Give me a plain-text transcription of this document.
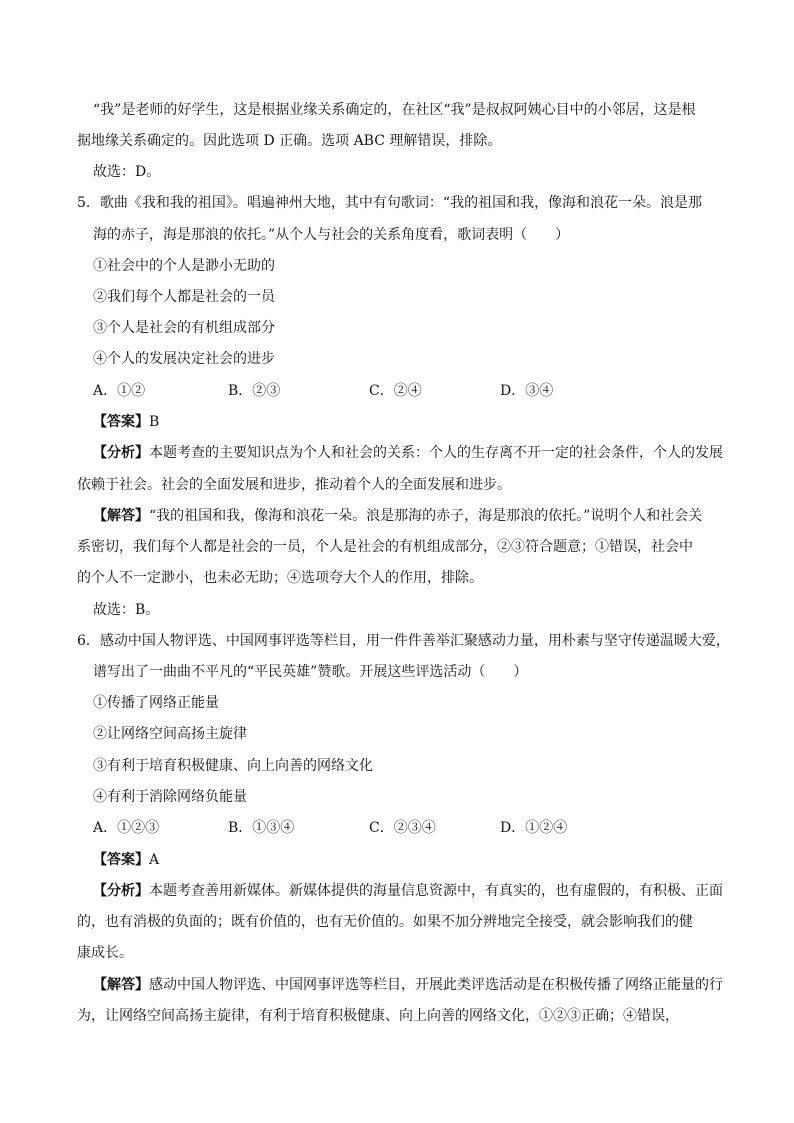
“我”是老师的好学生，这是根据业缘关系确定的，在社区“我”是叔叔阿姨心目中的小邻居，这是根
据地缘关系确定的。因此选项 D 正确。选项 ABC 理解错误，排除。
故选：D。
5．歌曲《我和我的祖国》。唱遍神州大地，其中有句歌词：“我的祖国和我，像海和浪花一朵。浪是那
海的赤子，海是那浪的依托。”从个人与社会的关系角度看，歌词表明（　　）
①社会中的个人是渺小无助的
②我们每个人都是社会的一员
③个人是社会的有机组成部分
④个人的发展决定社会的进步
A．①②	B．②③	C．②④	D．③④
【答案】B
【分析】本题考查的主要知识点为个人和社会的关系：个人的生存离不开一定的社会条件，个人的发展
依赖于社会。社会的全面发展和进步，推动着个人的全面发展和进步。
【解答】“我的祖国和我，像海和浪花一朵。浪是那海的赤子，海是那浪的依托。”说明个人和社会关
系密切，我们每个人都是社会的一员，个人是社会的有机组成部分，②③符合题意；①错误，社会中
的个人不一定渺小，也未必无助；④选项夸大个人的作用，排除。
故选：B。
6．感动中国人物评选、中国网事评选等栏目，用一件件善举汇聚感动力量，用朴素与坚守传递温暖大爱，
谱写出了一曲曲不平凡的“平民英雄”赞歌。开展这些评选活动（　　）
①传播了网络正能量
②让网络空间高扬主旋律
③有利于培育积极健康、向上向善的网络文化
④有利于消除网络负能量
A．①②③	B．①③④	C．②③④	D．①②④
【答案】A
【分析】本题考查善用新媒体。新媒体提供的海量信息资源中，有真实的，也有虚假的，有积极、正面
的，也有消极的负面的；既有价值的，也有无价值的。如果不加分辨地完全接受，就会影响我们的健
康成长。
【解答】感动中国人物评选、中国网事评选等栏目，开展此类评选活动是在积极传播了网络正能量的行
为，让网络空间高扬主旋律，有利于培育积极健康、向上向善的网络文化，①②③正确；④错误，
